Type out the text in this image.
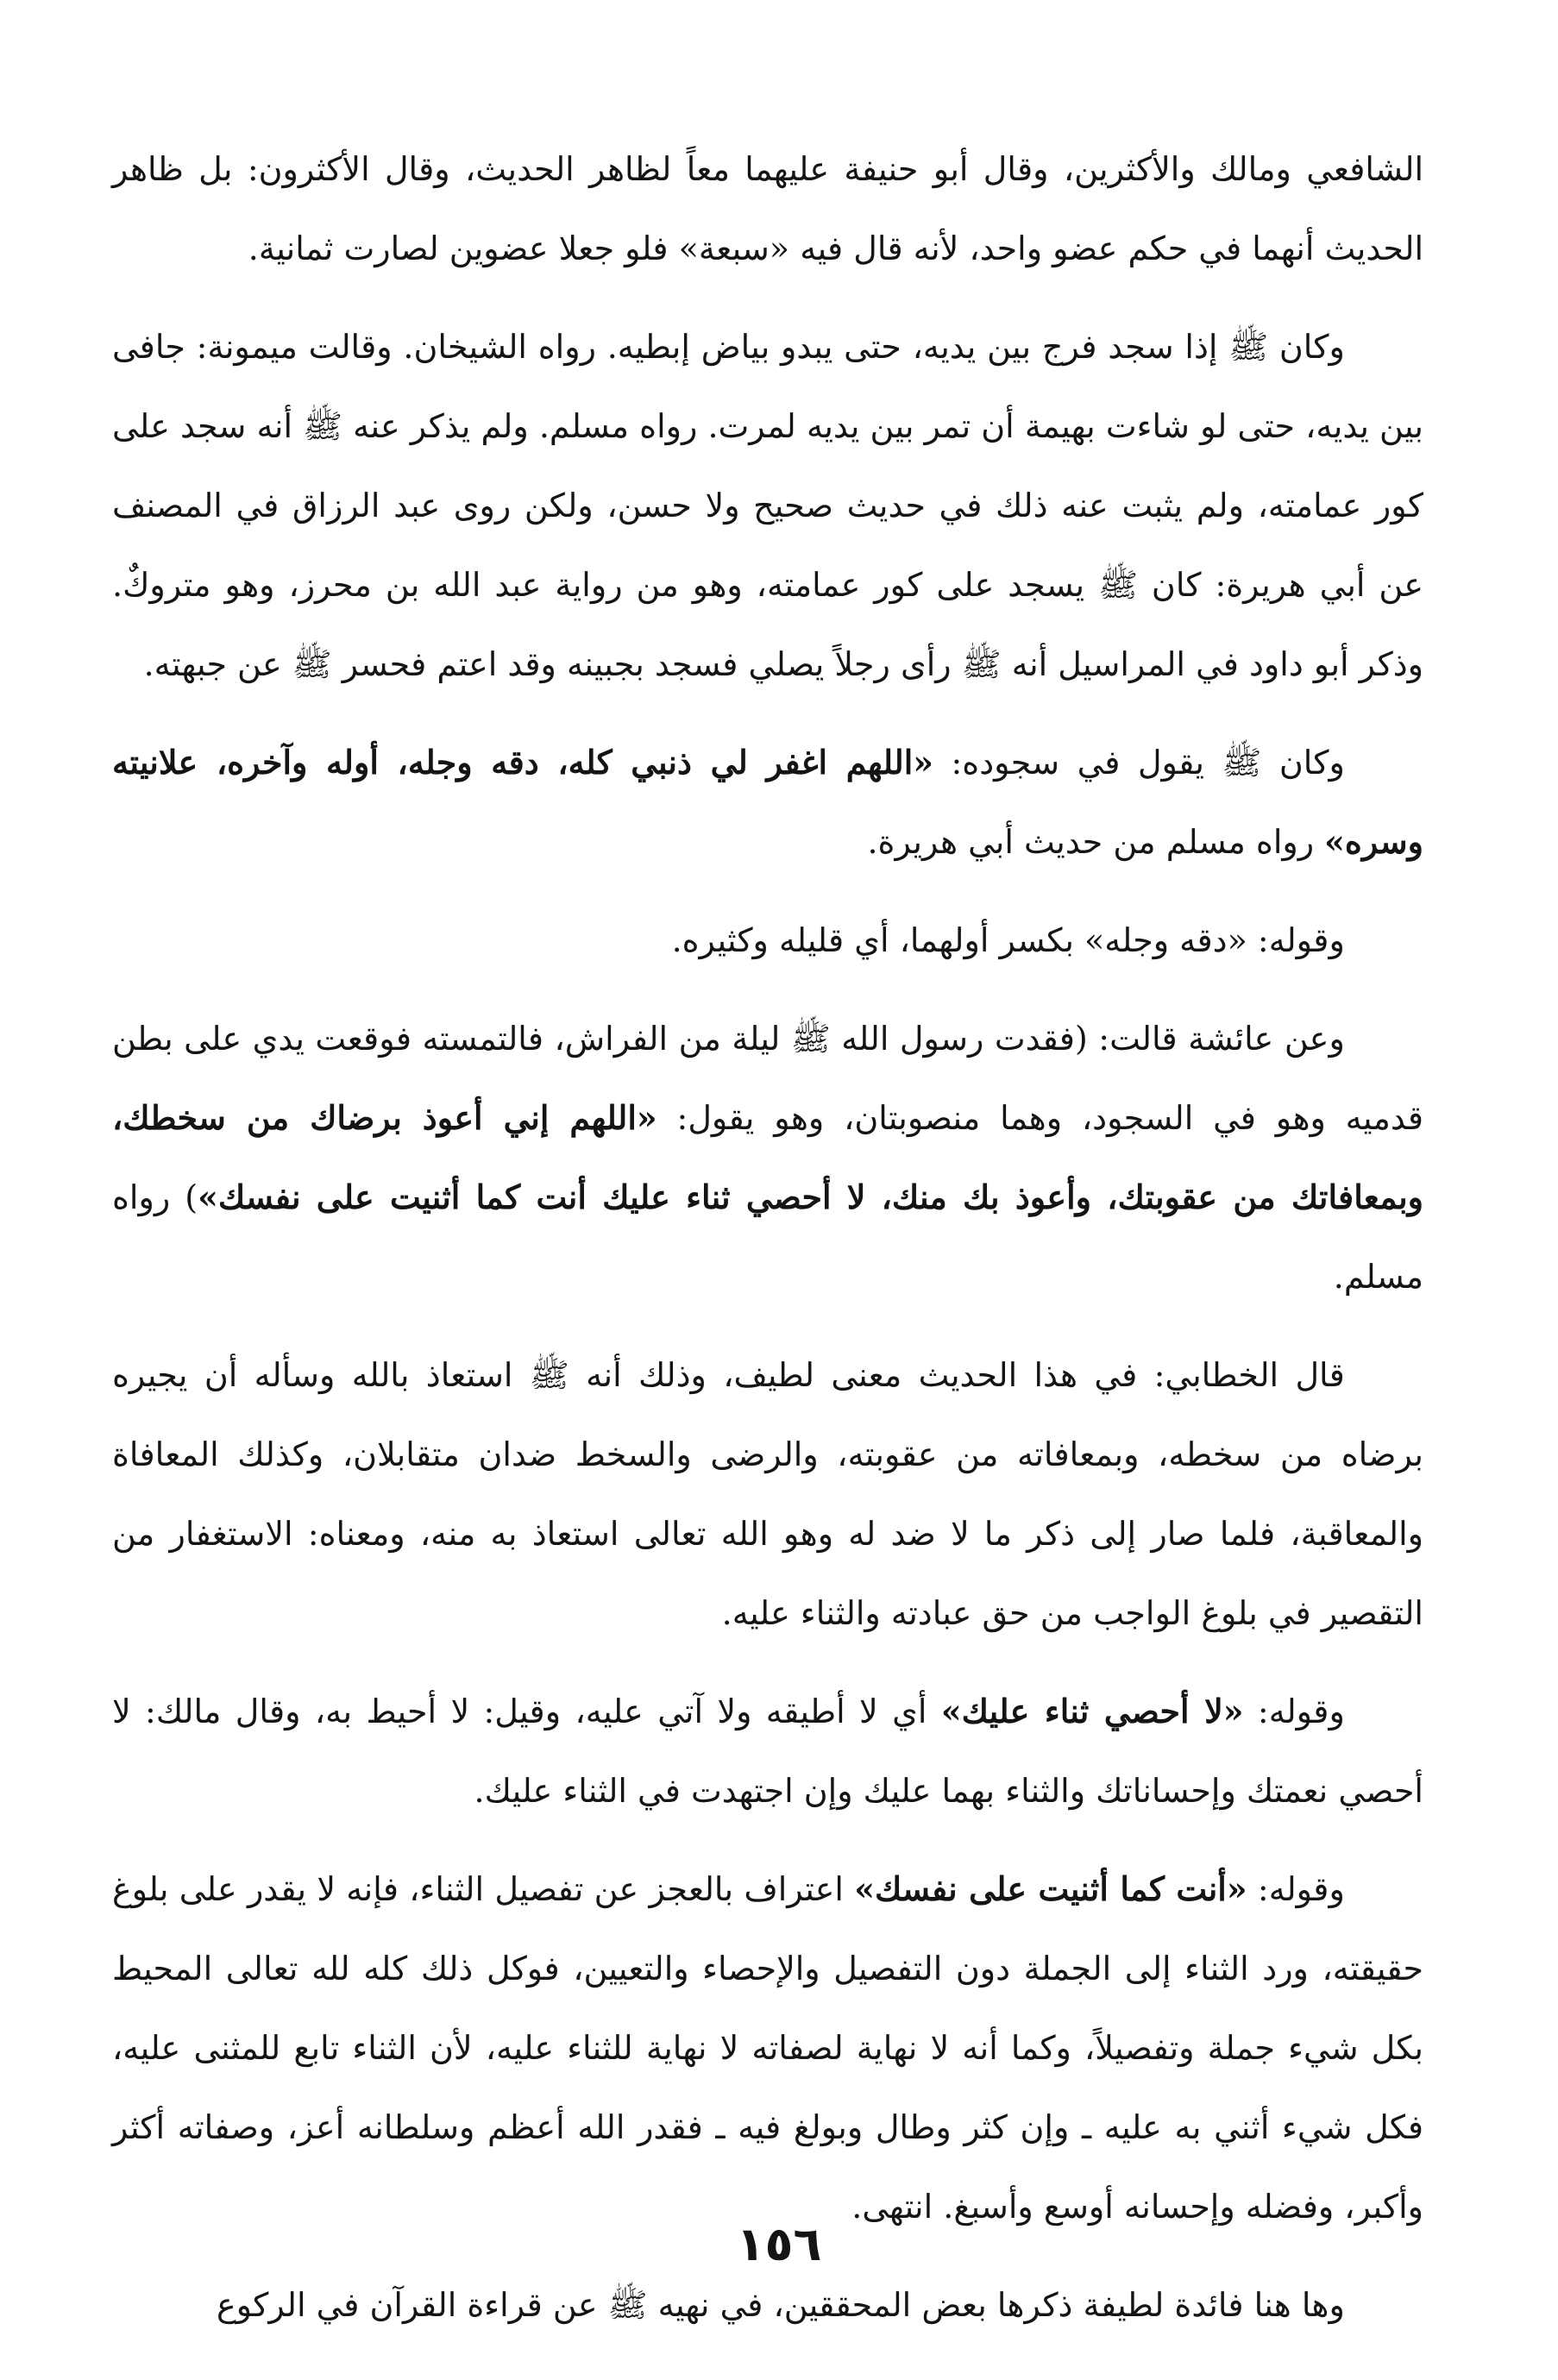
الشافعي ومالك والأكثرين، وقال أبو حنيفة عليهما معاً لظاهر الحديث، وقال الأكثرون: بل ظاهر الحديث أنهما في حكم عضو واحد، لأنه قال فيه «سبعة» فلو جعلا عضوين لصارت ثمانية.

وكان ﷺ إذا سجد فرج بين يديه، حتى يبدو بياض إبطيه. رواه الشيخان. وقالت ميمونة: جافى بين يديه، حتى لو شاءت بهيمة أن تمر بين يديه لمرت. رواه مسلم. ولم يذكر عنه ﷺ أنه سجد على كور عمامته، ولم يثبت عنه ذلك في حديث صحيح ولا حسن، ولكن روى عبد الرزاق في المصنف عن أبي هريرة: كان ﷺ يسجد على كور عمامته، وهو من رواية عبد الله بن محرز، وهو متروكٌ. وذكر أبو داود في المراسيل أنه ﷺ رأى رجلاً يصلي فسجد بجبينه وقد اعتم فحسر ﷺ عن جبهته.

وكان ﷺ يقول في سجوده: «اللهم اغفر لي ذنبي كله، دقه وجله، أوله وآخره، علانيته وسره» رواه مسلم من حديث أبي هريرة.

وقوله: «دقه وجله» بكسر أولهما، أي قليله وكثيره.

وعن عائشة قالت: (فقدت رسول الله ﷺ ليلة من الفراش، فالتمسته فوقعت يدي على بطن قدميه وهو في السجود، وهما منصوبتان، وهو يقول: «اللهم إني أعوذ برضاك من سخطك، وبمعافاتك من عقوبتك، وأعوذ بك منك، لا أحصي ثناء عليك أنت كما أثنيت على نفسك») رواه مسلم.

قال الخطابي: في هذا الحديث معنى لطيف، وذلك أنه ﷺ استعاذ بالله وسأله أن يجيره برضاه من سخطه، وبمعافاته من عقوبته، والرضى والسخط ضدان متقابلان، وكذلك المعافاة والمعاقبة، فلما صار إلى ذكر ما لا ضد له وهو الله تعالى استعاذ به منه، ومعناه: الاستغفار من التقصير في بلوغ الواجب من حق عبادته والثناء عليه.

وقوله: «لا أحصي ثناء عليك» أي لا أطيقه ولا آتي عليه، وقيل: لا أحيط به، وقال مالك: لا أحصي نعمتك وإحساناتك والثناء بهما عليك وإن اجتهدت في الثناء عليك.

وقوله: «أنت كما أثنيت على نفسك» اعتراف بالعجز عن تفصيل الثناء، فإنه لا يقدر على بلوغ حقيقته، ورد الثناء إلى الجملة دون التفصيل والإحصاء والتعيين، فوكل ذلك كله لله تعالى المحيط بكل شيء جملة وتفصيلاً، وكما أنه لا نهاية لصفاته لا نهاية للثناء عليه، لأن الثناء تابع للمثنى عليه، فكل شيء أثني به عليه ـ وإن كثر وطال وبولغ فيه ـ فقدر الله أعظم وسلطانه أعز، وصفاته أكثر وأكبر، وفضله وإحسانه أوسع وأسبغ. انتهى.

وها هنا فائدة لطيفة ذكرها بعض المحققين، في نهيه ﷺ عن قراءة القرآن في الركوع

١٥٦
